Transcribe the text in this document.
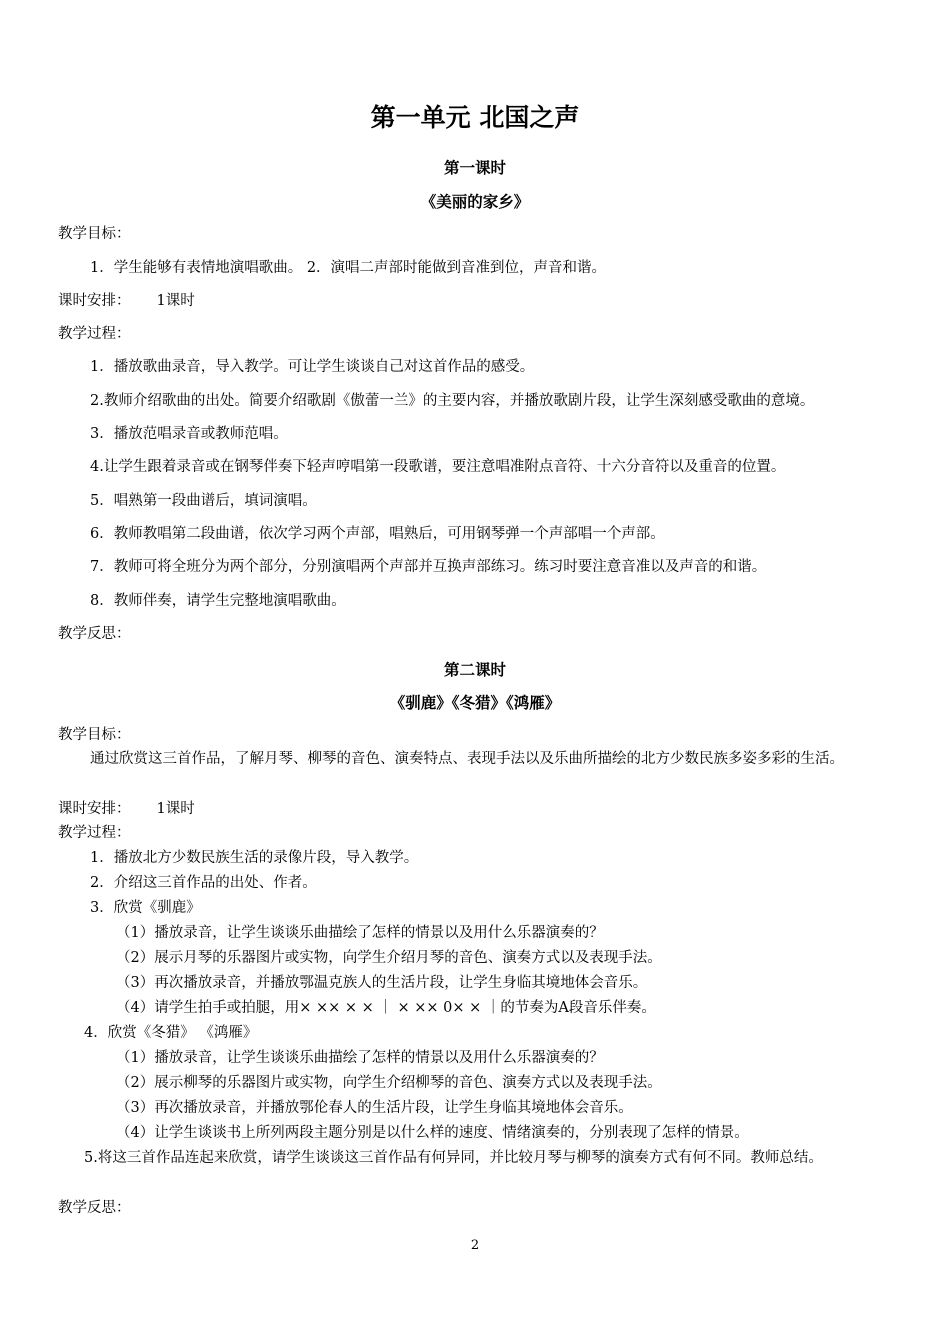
第一单元 北国之声
第一课时
《美丽的家乡》
教学目标：
1．学生能够有表情地演唱歌曲。 2．演唱二声部时能做到音准到位，声音和谐。
课时安排： 1课时
教学过程：
1．播放歌曲录音，导入教学。可让学生谈谈自己对这首作品的感受。
2.教师介绍歌曲的出处。简要介绍歌剧《傲蕾一兰》的主要内容，并播放歌剧片段，让学生深刻感受歌曲的意境。
3．播放范唱录音或教师范唱。
4.让学生跟着录音或在钢琴伴奏下轻声哼唱第一段歌谱，要注意唱准附点音符、十六分音符以及重音的位置。
5．唱熟第一段曲谱后，填词演唱。
6．教师教唱第二段曲谱，依次学习两个声部，唱熟后，可用钢琴弹一个声部唱一个声部。
7．教师可将全班分为两个部分，分别演唱两个声部并互换声部练习。练习时要注意音准以及声音的和谐。
8．教师伴奏，请学生完整地演唱歌曲。
教学反思：
第二课时
《驯鹿》《冬猎》《鸿雁》
教学目标：
通过欣赏这三首作品，了解月琴、柳琴的音色、演奏特点、表现手法以及乐曲所描绘的北方少数民族多姿多彩的生活。
课时安排： 1课时
教学过程：
1．播放北方少数民族生活的录像片段，导入教学。
2．介绍这三首作品的出处、作者。
3．欣赏《驯鹿》
（1）播放录音，让学生谈谈乐曲描绘了怎样的情景以及用什么乐器演奏的？
（2）展示月琴的乐器图片或实物，向学生介绍月琴的音色、演奏方式以及表现手法。
（3）再次播放录音，并播放鄂温克族人的生活片段，让学生身临其境地体会音乐。
（4）请学生拍手或拍腿，用× ×× × × ｜ × ×× 0× × ｜的节奏为A段音乐伴奏。
4．欣赏《冬猎》 《鸿雁》
（1）播放录音，让学生谈谈乐曲描绘了怎样的情景以及用什么乐器演奏的？
（2）展示柳琴的乐器图片或实物，向学生介绍柳琴的音色、演奏方式以及表现手法。
（3）再次播放录音，并播放鄂伦春人的生活片段，让学生身临其境地体会音乐。
（4）让学生谈谈书上所列两段主题分别是以什么样的速度、情绪演奏的，分别表现了怎样的情景。
5.将这三首作品连起来欣赏，请学生谈谈这三首作品有何异同，并比较月琴与柳琴的演奏方式有何不同。教师总结。
教学反思：
2
